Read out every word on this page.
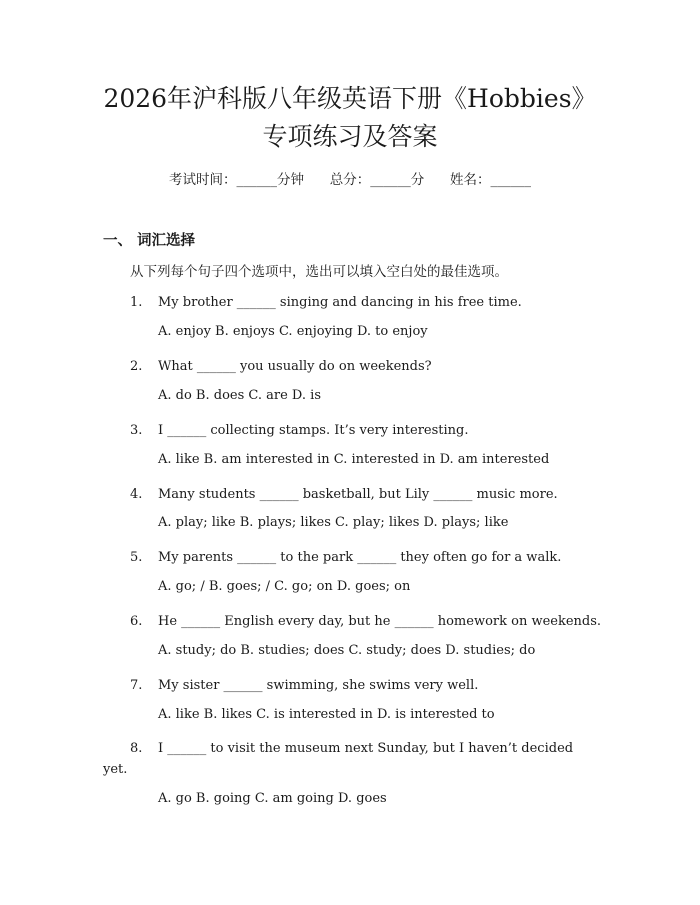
2026年沪科版八年级英语下册《Hobbies》
专项练习及答案
考试时间：______分钟      总分：______分      姓名：______
一、 词汇选择
从下列每个句子四个选项中，选出可以填入空白处的最佳选项。
1. My brother ______ singing and dancing in his free time.
A. enjoy B. enjoys C. enjoying D. to enjoy
2. What ______ you usually do on weekends?
A. do B. does C. are D. is
3. I ______ collecting stamps. It’s very interesting.
A. like B. am interested in C. interested in D. am interested
4. Many students ______ basketball, but Lily ______ music more.
A. play; like B. plays; likes C. play; likes D. plays; like
5. My parents ______ to the park ______ they often go for a walk.
A. go; / B. goes; / C. go; on D. goes; on
6. He ______ English every day, but he ______ homework on weekends.
A. study; do B. studies; does C. study; does D. studies; do
7. My sister ______ swimming, she swims very well.
A. like B. likes C. is interested in D. is interested to
8.	I ______ to visit the museum next Sunday, but I haven’t decided yet.
A. go B. going C. am going D. goes
